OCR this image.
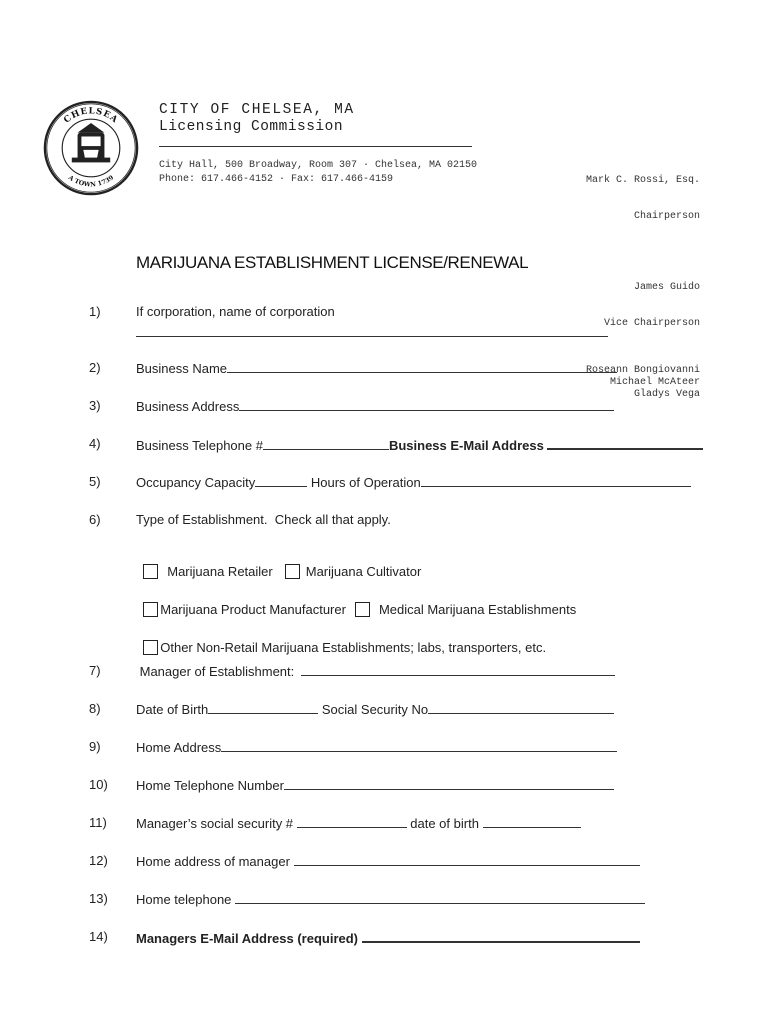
CHELSEA
A TOWN 1739
CITY OF CHELSEA, MA
Licensing Commission
City Hall, 500 Broadway, Room 307 · Chelsea, MA 02150
Phone: 617.466-4152 · Fax: 617.466-4159

	Mark C. Rossi, Esq.

Chairperson

James Guido

Vice Chairperson

Roseann Bongiovanni
Michael McAteer
Gladys Vega
MARIJUANA ESTABLISHMENT LICENSE/RENEWAL
1)	If corporation, name of corporation
2)	Business Name
3)	Business Address
4)	Business Telephone #	Business E-Mail Address
5)	Occupancy Capacity	Hours of Operation
6)	Type of Establishment.  Check all that apply.

Marijuana Retailer	Marijuana Cultivator

Marijuana Product Manufacturer	Medical Marijuana Establishments

Other Non-Retail Marijuana Establishments; labs, transporters, etc.

7)	Manager of Establishment:
8)	Date of Birth	Social Security No
9)	Home Address
10) Home Telephone Number
11) Manager’s social security #	date of birth
12) Home address of manager
13) Home telephone
14) Managers E-Mail Address (required)
